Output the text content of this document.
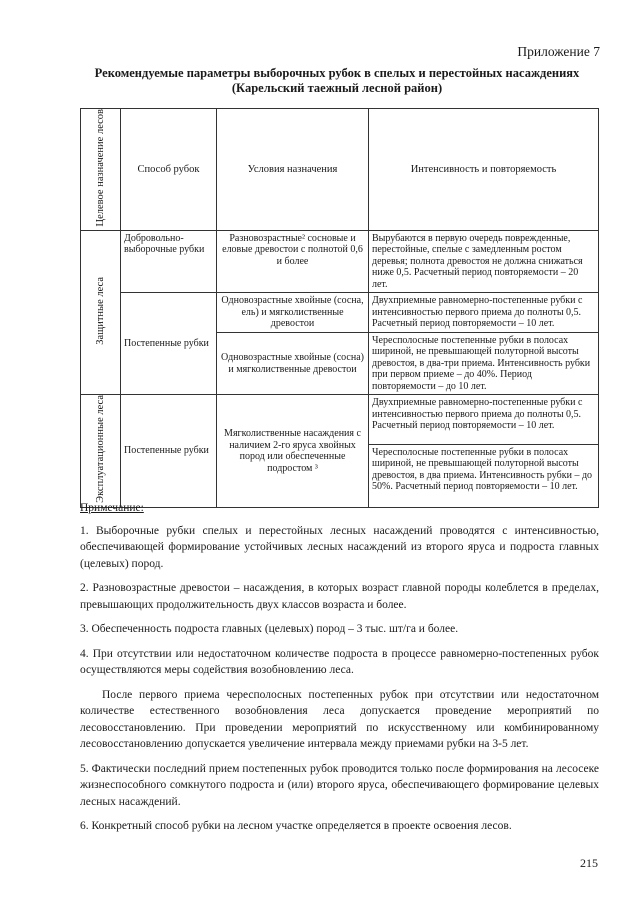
Приложение 7
Рекомендуемые параметры выборочных рубок в спелых и перестойных насаждениях
(Карельский таежный лесной район)
Целевое назначение лесов	Способ рубок	Условия назначения	Интенсивность и повторяемость
Защитные леса	Добровольно-выборочные рубки	Разновозрастные² сосновые и еловые древостои с полнотой 0,6 и более	Вырубаются в первую очередь поврежденные, перестойные, спелые с замедленным ростом деревья; полнота древостоя не должна снижаться ниже 0,5. Расчетный период повторяемости – 20 лет.
	Постепенные рубки	Одновозрастные хвойные (сосна, ель) и мягколиственные древостои	Двухприемные равномерно-постепенные рубки с интенсивностью первого приема до полноты 0,5. Расчетный период повторяемости – 10 лет.
		Одновозрастные хвойные (сосна) и мягколиственные древостои	Чересполосные постепенные рубки в полосах шириной, не превышающей полуторной высоты древостоя, в два-три приема. Интенсивность рубки при первом приеме – до 40%. Период повторяемости – до 10 лет.
Эксплуатационные леса	Постепенные рубки	Мягколиственные насаждения с наличием 2-го яруса хвойных пород или обеспеченные подростом ³	Двухприемные равномерно-постепенные рубки с интенсивностью первого приема до полноты 0,5. Расчетный период повторяемости – 10 лет.
			Чересполосные постепенные рубки в полосах шириной, не превышающей полуторной высоты древостоя, в два приема. Интенсивность рубки – до 50%. Расчетный период повторяемости – 10 лет.
Примечание:

1. Выборочные рубки спелых и перестойных лесных насаждений проводятся с интенсивностью, обеспечивающей формирование устойчивых лесных насаждений из второго яруса и подроста главных (целевых) пород.

2. Разновозрастные древостои – насаждения, в которых возраст главной породы колеблется в пределах, превышающих продолжительность двух классов возраста и более.

3. Обеспеченность подроста главных (целевых) пород – 3 тыс. шт/га и более.

4. При отсутствии или недостаточном количестве подроста в процессе равномерно-постепенных рубок осуществляются меры содействия возобновлению леса.

После первого приема чересполосных постепенных рубок при отсутствии или недостаточном количестве естественного возобновления леса допускается проведение мероприятий по лесовосстановлению. При проведении мероприятий по искусственному или комбинированному лесовосстановлению допускается увеличение интервала между приемами рубки на 3-5 лет.

5. Фактически последний прием постепенных рубок проводится только после формирования на лесосеке жизнеспособного сомкнутого подроста и (или) второго яруса, обеспечивающего формирование целевых лесных насаждений.

6. Конкретный способ рубки на лесном участке определяется в проекте освоения лесов.

215
